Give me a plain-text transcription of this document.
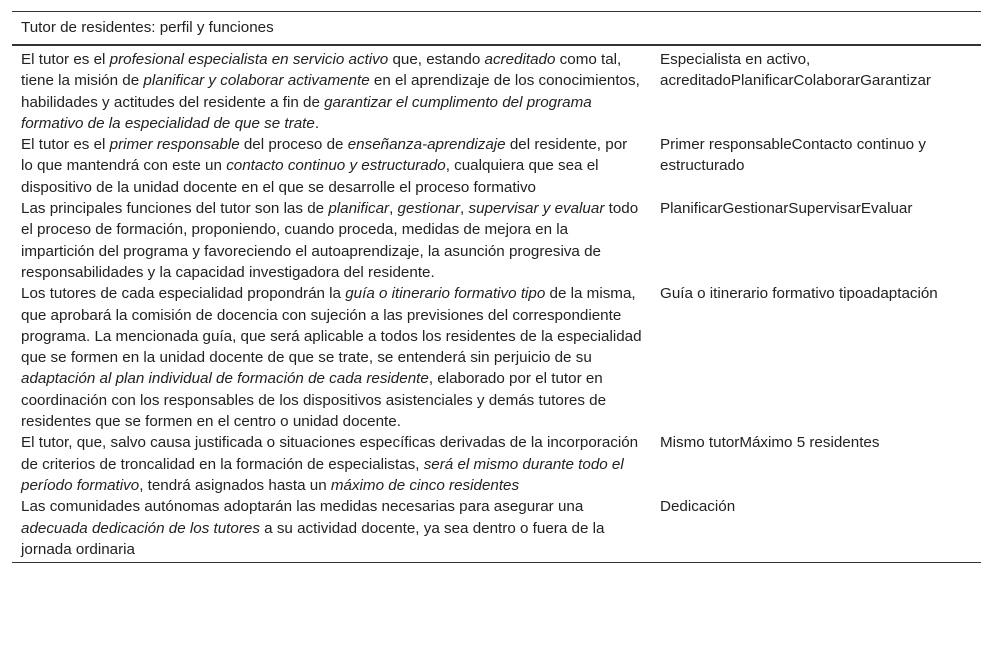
Tutor de residentes: perfil y funciones	
El tutor es el profesional especialista en servicio activo que, estando acreditado como tal, tiene la misión de planificar y colaborar activamente en el aprendizaje de los conocimientos, habilidades y actitudes del residente a fin de garantizar el cumplimento del programa formativo de la especialidad de que se trate.	Especialista en activo, acreditadoPlanificarColaborarGarantizar
El tutor es el primer responsable del proceso de enseñanza-aprendizaje del residente, por lo que mantendrá con este un contacto continuo y estructurado, cualquiera que sea el dispositivo de la unidad docente en el que se desarrolle el proceso formativo	Primer responsableContacto continuo y estructurado
Las principales funciones del tutor son las de planificar, gestionar, supervisar y evaluar todo el proceso de formación, proponiendo, cuando proceda, medidas de mejora en la impartición del programa y favoreciendo el autoaprendizaje, la asunción progresiva de responsabilidades y la capacidad investigadora del residente.	PlanificarGestionarSupervisarEvaluar
Los tutores de cada especialidad propondrán la guía o itinerario formativo tipo de la misma, que aprobará la comisión de docencia con sujeción a las previsiones del correspondiente programa. La mencionada guía, que será aplicable a todos los residentes de la especialidad que se formen en la unidad docente de que se trate, se entenderá sin perjuicio de su adaptación al plan individual de formación de cada residente, elaborado por el tutor en coordinación con los responsables de los dispositivos asistenciales y demás tutores de residentes que se formen en el centro o unidad docente.	Guía o itinerario formativo tipoadaptación
El tutor, que, salvo causa justificada o situaciones específicas derivadas de la incorporación de criterios de troncalidad en la formación de especialistas, será el mismo durante todo el período formativo, tendrá asignados hasta un máximo de cinco residentes	Mismo tutorMáximo 5 residentes
Las comunidades autónomas adoptarán las medidas necesarias para asegurar una adecuada dedicación de los tutores a su actividad docente, ya sea dentro o fuera de la jornada ordinaria	Dedicación
